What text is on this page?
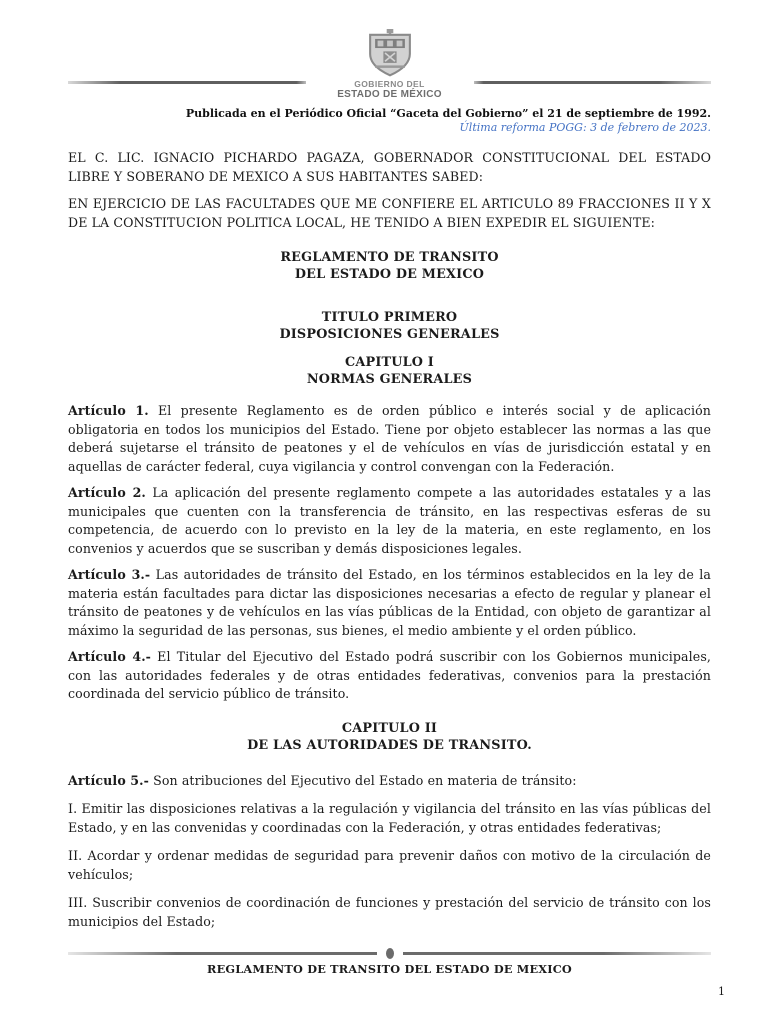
GOBIERNO DEL
ESTADO DE MÉXICO
Publicada en el Periódico Oficial “Gaceta del Gobierno” el 21 de septiembre de 1992.
Última reforma POGG: 3 de febrero de 2023.

EL C. LIC. IGNACIO PICHARDO PAGAZA, GOBERNADOR CONSTITUCIONAL DEL ESTADO LIBRE Y SOBERANO DE MEXICO A SUS HABITANTES SABED:

EN EJERCICIO DE LAS FACULTADES QUE ME CONFIERE EL ARTICULO 89 FRACCIONES II Y X DE LA CONSTITUCION POLITICA LOCAL, HE TENIDO A BIEN EXPEDIR EL SIGUIENTE:

REGLAMENTO DE TRANSITO
DEL ESTADO DE MEXICO
TITULO PRIMERO
DISPOSICIONES GENERALES
CAPITULO I
NORMAS GENERALES

Artículo 1. El presente Reglamento es de orden público e interés social y de aplicación obligatoria en todos los municipios del Estado. Tiene por objeto establecer las normas a las que deberá sujetarse el tránsito de peatones y el de vehículos en vías de jurisdicción estatal y en aquellas de carácter federal, cuya vigilancia y control convengan con la Federación.

Artículo 2. La aplicación del presente reglamento compete a las autoridades estatales y a las municipales que cuenten con la transferencia de tránsito, en las respectivas esferas de su competencia, de acuerdo con lo previsto en la ley de la materia, en este reglamento, en los convenios y acuerdos que se suscriban y demás disposiciones legales.

Artículo 3.- Las autoridades de tránsito del Estado, en los términos establecidos en la ley de la materia están facultades para dictar las disposiciones necesarias a efecto de regular y planear el tránsito de peatones y de vehículos en las vías públicas de la Entidad, con objeto de garantizar al máximo la seguridad de las personas, sus bienes, el medio ambiente y el orden público.

Artículo 4.- El Titular del Ejecutivo del Estado podrá suscribir con los Gobiernos municipales, con las autoridades federales y de otras entidades federativas, convenios para la prestación coordinada del servicio público de tránsito.

CAPITULO II
DE LAS AUTORIDADES DE TRANSITO.

Artículo 5.- Son atribuciones del Ejecutivo del Estado en materia de tránsito:

I. Emitir las disposiciones relativas a la regulación y vigilancia del tránsito en las vías públicas del Estado, y en las convenidas y coordinadas con la Federación, y otras entidades federativas;

II. Acordar y ordenar medidas de seguridad para prevenir daños con motivo de la circulación de vehículos;

III. Suscribir convenios de coordinación de funciones y prestación del servicio de tránsito con los municipios del Estado;

REGLAMENTO DE TRANSITO DEL ESTADO DE MEXICO
1
